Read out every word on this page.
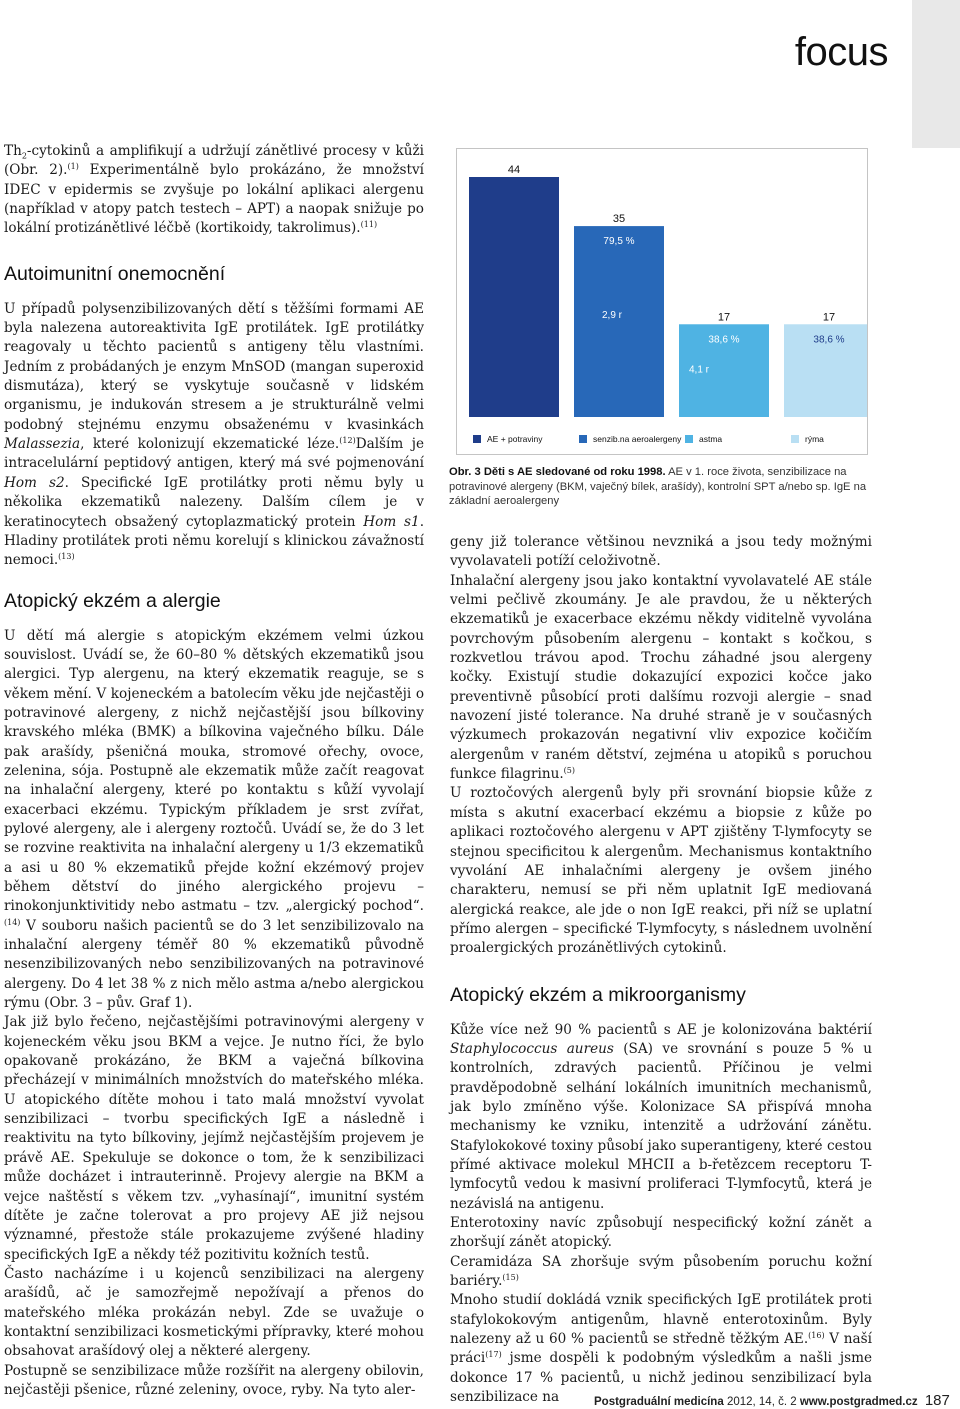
focus

$Th_2$-cytokinů a amplifikují a udržují zánětlivé procesy v kůži (Obr. 2).$^{(1)}$ Experimentálně bylo prokázáno, že množství IDEC v epidermis se zvyšuje po lokální aplikaci alergenu (například v atopy patch testech – APT) a naopak snižuje po lokální protizánětlivé léčbě (kortikoidy, takrolimus).$^{(11)}$

Autoimunitní onemocnění

U případů polysenzibilizovaných dětí s těžšími formami AE byla nalezena autoreaktivita IgE protilátek. IgE protilátky reagovaly u těchto pacientů s antigeny tělu vlastními. Jedním z probádaných je enzym MnSOD (mangan superoxid dismutáza), který se vyskytuje současně v lidském organismu, je indukován stresem a je strukturálně velmi podobný stejnému enzymu obsaženému v kvasinkách Malassezia, které kolonizují ekzematické léze.$^{(12)}$Dalším je intracelulární peptidový antigen, který má své pojmenování Hom s2. Specifické IgE protilátky proti němu byly u několika ekzematiků nalezeny. Dalším cílem je v keratinocytech obsažený cytoplazmatický protein Hom s1. Hladiny protilátek proti němu korelují s klinickou závažností nemoci.$^{(13)}$

Atopický ekzém a alergie

U dětí má alergie s atopickým ekzémem velmi úzkou souvislost. Uvádí se, že 60–80 % dětských ekzematiků jsou alergici. Typ alergenu, na který ekzematik reaguje, se s věkem mění. V kojeneckém a batolecím věku jde nejčastěji o potravinové alergeny, z nichž nejčastější jsou bílkoviny kravského mléka (BMK) a bílkovina vaječného bílku. Dále pak arašídy, pšeničná mouka, stromové ořechy, ovoce, zelenina, sója. Postupně ale ekzematik může začít reagovat na inhalační alergeny, které po kontaktu s kůží vyvolají exacerbaci ekzému. Typickým příkladem je srst zvířat, pylové alergeny, ale i alergeny roztočů. Uvádí se, že do 3 let se rozvine reaktivita na inhalační alergeny u 1/3 ekzematiků a asi u 80 % ekzematiků přejde kožní ekzémový projev během dětství do jiného alergického projevu – rinokonjunktivitidy nebo astmatu – tzv. „alergický pochod“.$^{(14)}$ V souboru našich pacientů se do 3 let senzibilizovalo na inhalační alergeny téměř 80 % ekzematiků původně nesenzibilizovaných nebo senzibilizovaných na potravinové alergeny. Do 4 let 38 % z nich mělo astma a/nebo alergickou rýmu (Obr. 3 – pův. Graf 1).

Jak již bylo řečeno, nejčastějšími potravinovými alergeny v kojeneckém věku jsou BKM a vejce. Je nutno říci, že bylo opakovaně prokázáno, že BKM a vaječná bílkovina přecházejí v minimálních množstvích do mateřského mléka. U atopického dítěte mohou i tato malá množství vyvolat senzibilizaci – tvorbu specifických IgE a následně i reaktivitu na tyto bílkoviny, jejímž nejčastějším projevem je právě AE. Spekuluje se dokonce o tom, že k senzibilizaci může docházet i intrauterinně. Projevy alergie na BKM a vejce naštěstí s věkem tzv. „vyhasínají“, imunitní systém dítěte je začne tolerovat a pro projevy AE již nejsou významné, přestože stále prokazujeme zvýšené hladiny specifických IgE a někdy též pozitivitu kožních testů.

Často nacházíme i u kojenců senzibilizaci na alergeny arašídů, ač je samozřejmě nepožívají a přenos do mateřského mléka prokázán nebyl. Zde se uvažuje o kontaktní senzibilizaci kosmetickými přípravky, které mohou obsahovat arašídový olej a některé alergeny.

Postupně se senzibilizace může rozšířit na alergeny obilovin, nejčastěji pšenice, různé zeleniny, ovoce, ryby. Na tyto aler-

44
35
79,5 %
2,9 r	17
38,6 %
4,1 r
17
38,6 %
AE + potraviny	senzib.na aeroalergeny astma	rýma
Obr. 3 Děti s AE sledované od roku 1998. AE v 1. roce života, senzibilizace na potravinové alergeny (BKM, vaječný bílek, arašídy), kontrolní SPT a/nebo sp. IgE na základní aeroalergeny

geny již tolerance většinou nevzniká a jsou tedy možnými vyvolavateli potíží celoživotně.

Inhalační alergeny jsou jako kontaktní vyvolavatelé AE stále velmi pečlivě zkoumány. Je ale pravdou, že u některých ekzematiků je exacerbace ekzému někdy viditelně vyvolána povrchovým působením alergenu – kontakt s kočkou, s rozkvetlou trávou apod. Trochu záhadné jsou alergeny kočky. Existují studie dokazující expozici kočce jako preventivně působící proti dalšímu rozvoji alergie – snad navození jisté tolerance. Na druhé straně je v současných výzkumech prokazován negativní vliv expozice kočičím alergenům v raném dětství, zejména u atopiků s poruchou funkce filagrinu.$^{(5)}$

U roztočových alergenů byly při srovnání biopsie kůže z místa s akutní exacerbací ekzému a biopsie z kůže po aplikaci roztočového alergenu v APT zjištěny T-lymfocyty se stejnou specificitou k alergenům. Mechanismus kontaktního vyvolání AE inhalačními alergeny je ovšem jiného charakteru, nemusí se při něm uplatnit IgE mediovaná alergická reakce, ale jde o non IgE reakci, při níž se uplatní přímo alergen – specifické T-lymfocyty, s následnem uvolnění proalergických prozánětlivých cytokinů.

Atopický ekzém a mikroorganismy

Kůže více než 90 % pacientů s AE je kolonizována baktérií Staphylococcus aureus (SA) ve srovnání s pouze 5 % u kontrolních, zdravých pacientů. Příčinou je velmi pravděpodobně selhání lokálních imunitních mechanismů, jak bylo zmíněno výše. Kolonizace SA přispívá mnoha mechanismy ke vzniku, intenzitě a udržování zánětu. Stafylokokové toxiny působí jako superantigeny, které cestou přímé aktivace molekul MHCII a b-řetězcem receptoru T-lymfocytů vedou k masivní proliferaci T-lymfocytů, která je nezávislá na antigenu.

Enterotoxiny navíc způsobují nespecifický kožní zánět a zhoršují zánět atopický.

Ceramidáza SA zhoršuje svým působením poruchu kožní bariéry.$^{(15)}$

Mnoho studií dokládá vznik specifických IgE protilátek proti stafylokokovým antigenům, hlavně enterotoxinům. Byly nalezeny až u 60 % pacientů se středně těžkým AE.$^{(16)}$ V naší práci$^{(17)}$ jsme dospěli k podobným výsledkům a našli jsme dokonce 17 % pacientů, u nichž jedinou senzibilizací byla senzibilizace na	Postgraduální medicína 2012, 14, č. 2 www.postgradmed.cz 187
